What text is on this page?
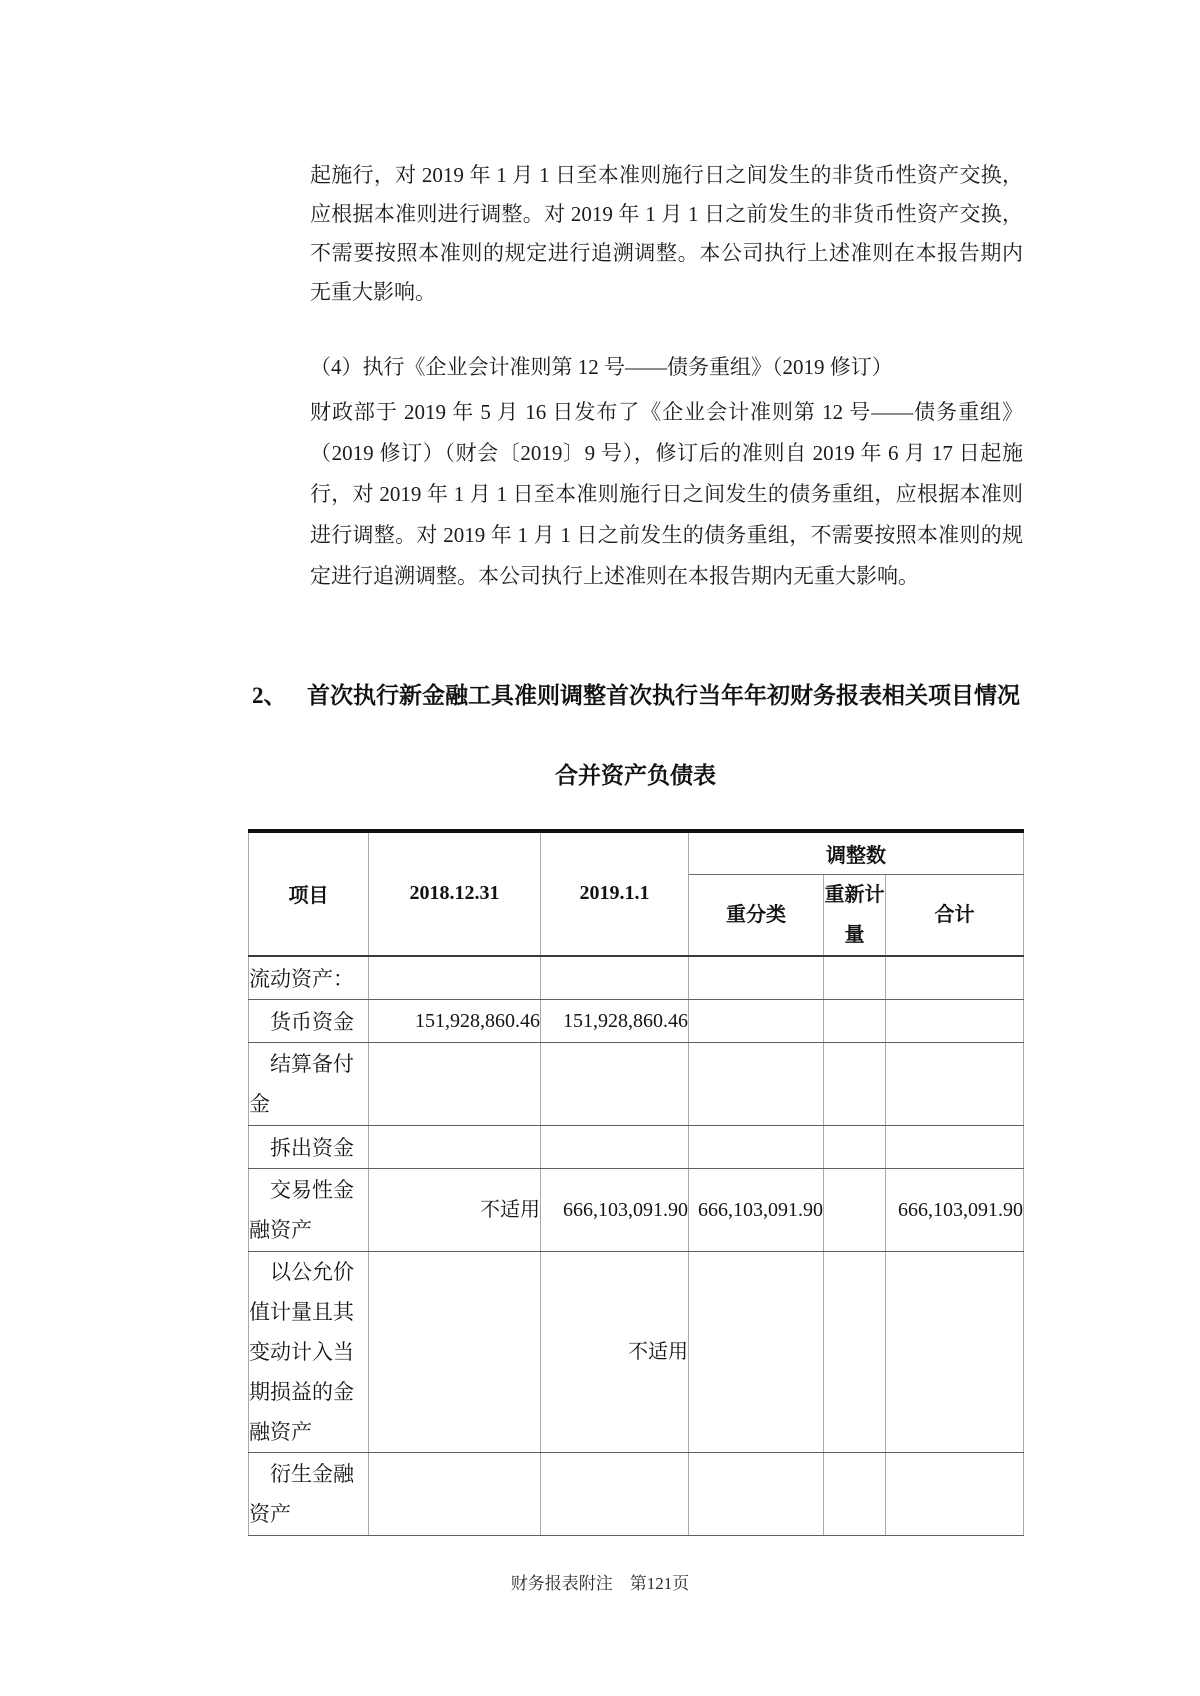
起施行，对 2019 年 1 月 1 日至本准则施行日之间发生的非货币性资产交换，应根据本准则进行调整。对 2019 年 1 月 1 日之前发生的非货币性资产交换，不需要按照本准则的规定进行追溯调整。本公司执行上述准则在本报告期内无重大影响。

（4）执行《企业会计准则第 12 号——债务重组》（2019 修订）

财政部于 2019 年 5 月 16 日发布了《企业会计准则第 12 号——债务重组》（2019 修订）（财会〔2019〕9 号），修订后的准则自 2019 年 6 月 17 日起施行，对 2019 年 1 月 1 日至本准则施行日之间发生的债务重组，应根据本准则进行调整。对 2019 年 1 月 1 日之前发生的债务重组，不需要按照本准则的规定进行追溯调整。本公司执行上述准则在本报告期内无重大影响。

2、 首次执行新金融工具准则调整首次执行当年年初财务报表相关项目情况
合并资产负债表
项目	2018.12.31	2019.1.1	调整数		
			重分类	重新计量	合计
流动资产：					
　货币资金	151,928,860.46	151,928,860.46			
　结算备付金					
　拆出资金					
　交易性金融资产	不适用	666,103,091.90	666,103,091.90		666,103,091.90
　以公允价值计量且其变动计入当期损益的金融资产		不适用			
　衍生金融资产					
财务报表附注　第121页
